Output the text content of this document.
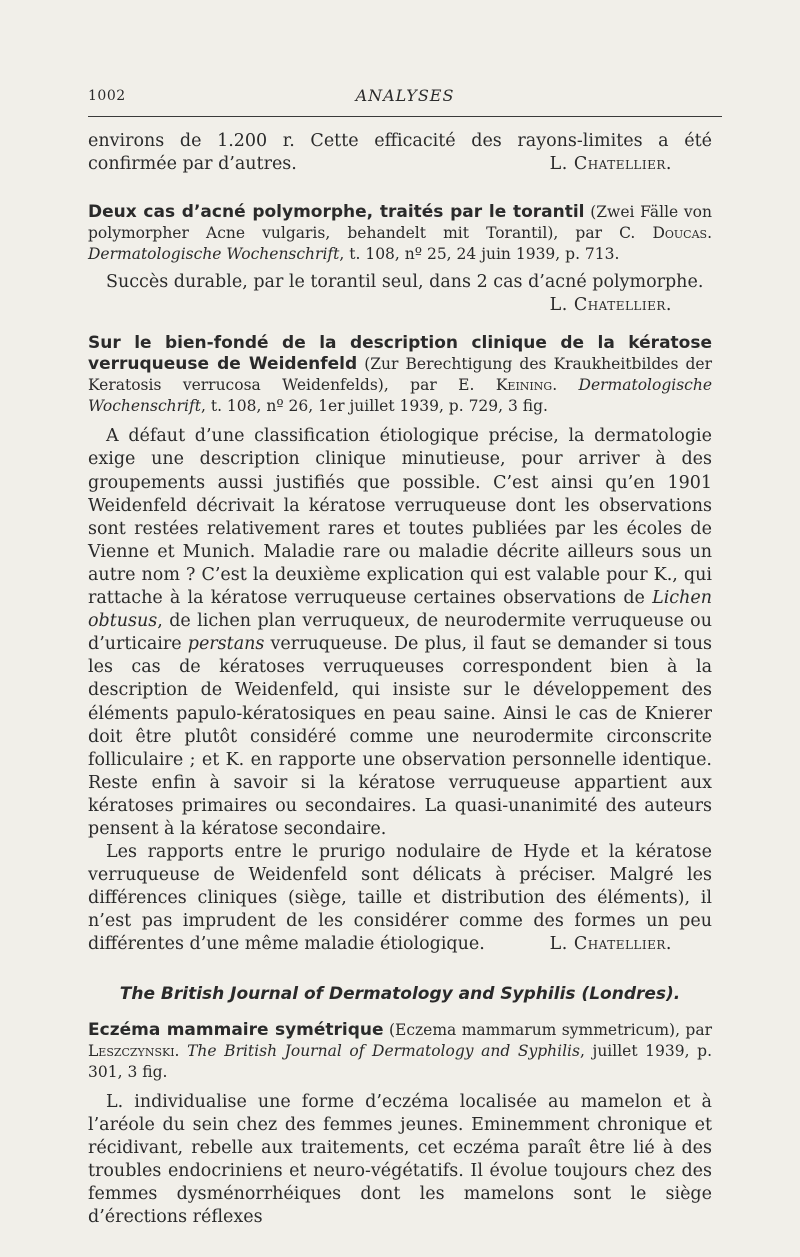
1002	ANALYSES

environs de 1.200 r. Cette efficacité des rayons-limites a été confirmée par d’autres.	L. Chatellier.

Deux cas d’acné polymorphe, traités par le torantil (Zwei Fälle von polymorpher Acne vulgaris, behandelt mit Torantil), par C. Doucas. Dermatologische Wochenschrift, t. 108, nº 25, 24 juin 1939, p. 713.

Succès durable, par le torantil seul, dans 2 cas d’acné polymorphe.

L. Chatellier.

Sur le bien-fondé de la description clinique de la kératose verruqueuse de Weidenfeld (Zur Berechtigung des Kraukheitbildes der Keratosis verrucosa Weidenfelds), par E. Keining. Dermatologische Wochenschrift, t. 108, nº 26, 1er juillet 1939, p. 729, 3 fig.

A défaut d’une classification étiologique précise, la dermatologie exige une description clinique minutieuse, pour arriver à des groupements aussi justifiés que possible. C’est ainsi qu’en 1901 Weidenfeld décrivait la kératose verruqueuse dont les observations sont restées relativement rares et toutes publiées par les écoles de Vienne et Munich. Maladie rare ou maladie décrite ailleurs sous un autre nom ? C’est la deuxième explication qui est valable pour K., qui rattache à la kératose verruqueuse certaines observations de Lichen obtusus, de lichen plan verruqueux, de neurodermite verruqueuse ou d’urticaire perstans verruqueuse. De plus, il faut se demander si tous les cas de kératoses verruqueuses correspondent bien à la description de Weidenfeld, qui insiste sur le développement des éléments papulo-kératosiques en peau saine. Ainsi le cas de Knierer doit être plutôt considéré comme une neurodermite circonscrite folliculaire ; et K. en rapporte une observation personnelle identique. Reste enfin à savoir si la kératose verruqueuse appartient aux kératoses primaires ou secondaires. La quasi-unanimité des auteurs pensent à la kératose secondaire.

Les rapports entre le prurigo nodulaire de Hyde et la kératose verruqueuse de Weidenfeld sont délicats à préciser. Malgré les différences cliniques (siège, taille et distribution des éléments), il n’est pas imprudent de les considérer comme des formes un peu différentes d’une même maladie étiologique.	L. Chatellier.

The British Journal of Dermatology and Syphilis (Londres).

Eczéma mammaire symétrique (Eczema mammarum symmetricum), par Leszczynski. The British Journal of Dermatology and Syphilis, juillet 1939, p. 301, 3 fig.

L. individualise une forme d’eczéma localisée au mamelon et à l’aréole du sein chez des femmes jeunes. Eminemment chronique et récidivant, rebelle aux traitements, cet eczéma paraît être lié à des troubles endocriniens et neuro-végétatifs. Il évolue toujours chez des femmes dysménorrhéiques dont les mamelons sont le siège d’érections réflexes
